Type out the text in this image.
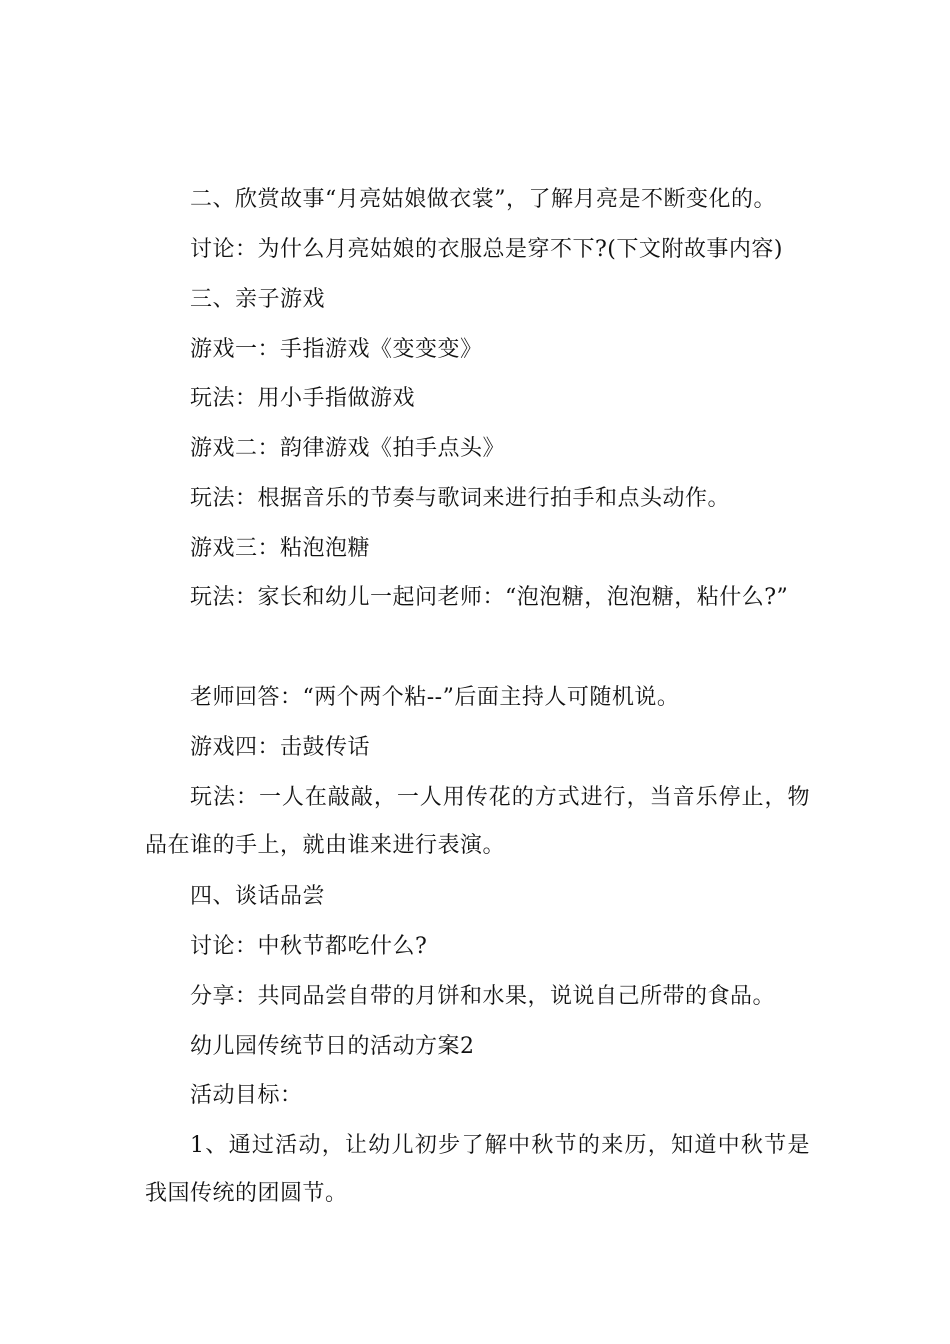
二、欣赏故事“月亮姑娘做衣裳”，了解月亮是不断变化的。
讨论：为什么月亮姑娘的衣服总是穿不下?(下文附故事内容)
三、亲子游戏
游戏一：手指游戏《变变变》
玩法：用小手指做游戏
游戏二：韵律游戏《拍手点头》
玩法：根据音乐的节奏与歌词来进行拍手和点头动作。
游戏三：粘泡泡糖
玩法：家长和幼儿一起问老师：“泡泡糖，泡泡糖，粘什么?”
老师回答：“两个两个粘--”后面主持人可随机说。
游戏四：击鼓传话
玩法：一人在敲敲，一人用传花的方式进行，当音乐停止，物品在谁的手上，就由谁来进行表演。
四、谈话品尝
讨论：中秋节都吃什么?
分享：共同品尝自带的月饼和水果，说说自己所带的食品。
幼儿园传统节日的活动方案2
活动目标：
1、通过活动，让幼儿初步了解中秋节的来历，知道中秋节是我国传统的团圆节。
